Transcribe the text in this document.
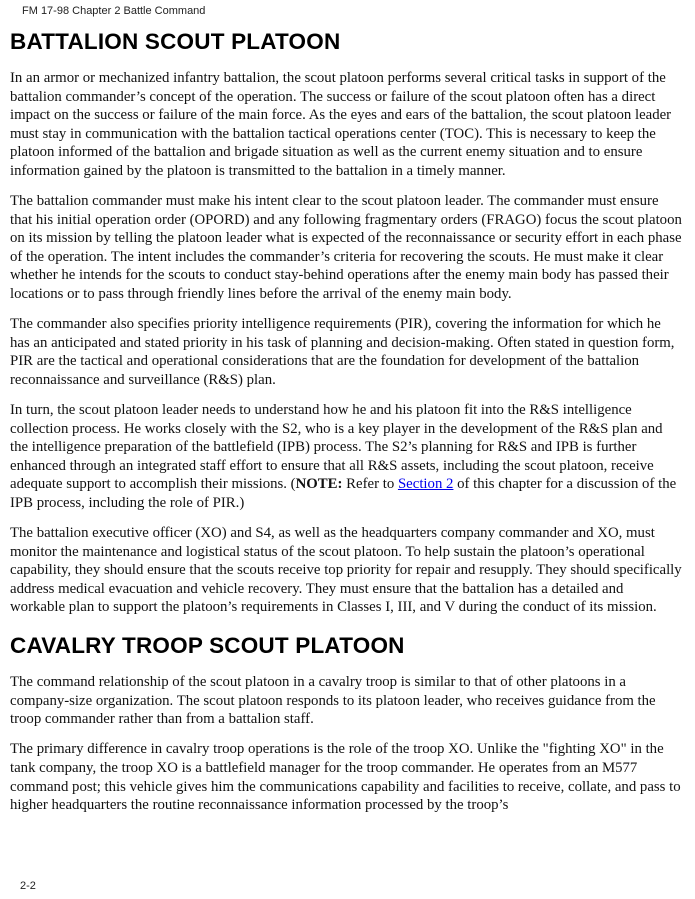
FM 17-98 Chapter 2 Battle Command
BATTALION SCOUT PLATOON

In an armor or mechanized infantry battalion, the scout platoon performs several critical tasks in support of the battalion commander’s concept of the operation. The success or failure of the scout platoon often has a direct impact on the success or failure of the main force. As the eyes and ears of the battalion, the scout platoon leader must stay in communication with the battalion tactical operations center (TOC). This is necessary to keep the platoon informed of the battalion and brigade situation as well as the current enemy situation and to ensure information gained by the platoon is transmitted to the battalion in a timely manner.

The battalion commander must make his intent clear to the scout platoon leader. The commander must ensure that his initial operation order (OPORD) and any following fragmentary orders (FRAGO) focus the scout platoon on its mission by telling the platoon leader what is expected of the reconnaissance or security effort in each phase of the operation. The intent includes the commander’s criteria for recovering the scouts. He must make it clear whether he intends for the scouts to conduct stay-behind operations after the enemy main body has passed their locations or to pass through friendly lines before the arrival of the enemy main body.

The commander also specifies priority intelligence requirements (PIR), covering the information for which he has an anticipated and stated priority in his task of planning and decision-making. Often stated in question form, PIR are the tactical and operational considerations that are the foundation for development of the battalion reconnaissance and surveillance (R&S) plan.

In turn, the scout platoon leader needs to understand how he and his platoon fit into the R&S intelligence collection process. He works closely with the S2, who is a key player in the development of the R&S plan and the intelligence preparation of the battlefield (IPB) process. The S2’s planning for R&S and IPB is further enhanced through an integrated staff effort to ensure that all R&S assets, including the scout platoon, receive adequate support to accomplish their missions. (NOTE: Refer to Section 2 of this chapter for a discussion of the IPB process, including the role of PIR.)

The battalion executive officer (XO) and S4, as well as the headquarters company commander and XO, must monitor the maintenance and logistical status of the scout platoon. To help sustain the platoon’s operational capability, they should ensure that the scouts receive top priority for repair and resupply. They should specifically address medical evacuation and vehicle recovery. They must ensure that the battalion has a detailed and workable plan to support the platoon’s requirements in Classes I, III, and V during the conduct of its mission.

CAVALRY TROOP SCOUT PLATOON

The command relationship of the scout platoon in a cavalry troop is similar to that of other platoons in a company-size organization. The scout platoon responds to its platoon leader, who receives guidance from the troop commander rather than from a battalion staff.

The primary difference in cavalry troop operations is the role of the troop XO. Unlike the "fighting XO" in the tank company, the troop XO is a battlefield manager for the troop commander. He operates from an M577 command post; this vehicle gives him the communications capability and facilities to receive, collate, and pass to higher headquarters the routine reconnaissance information processed by the troop’s

2-2
